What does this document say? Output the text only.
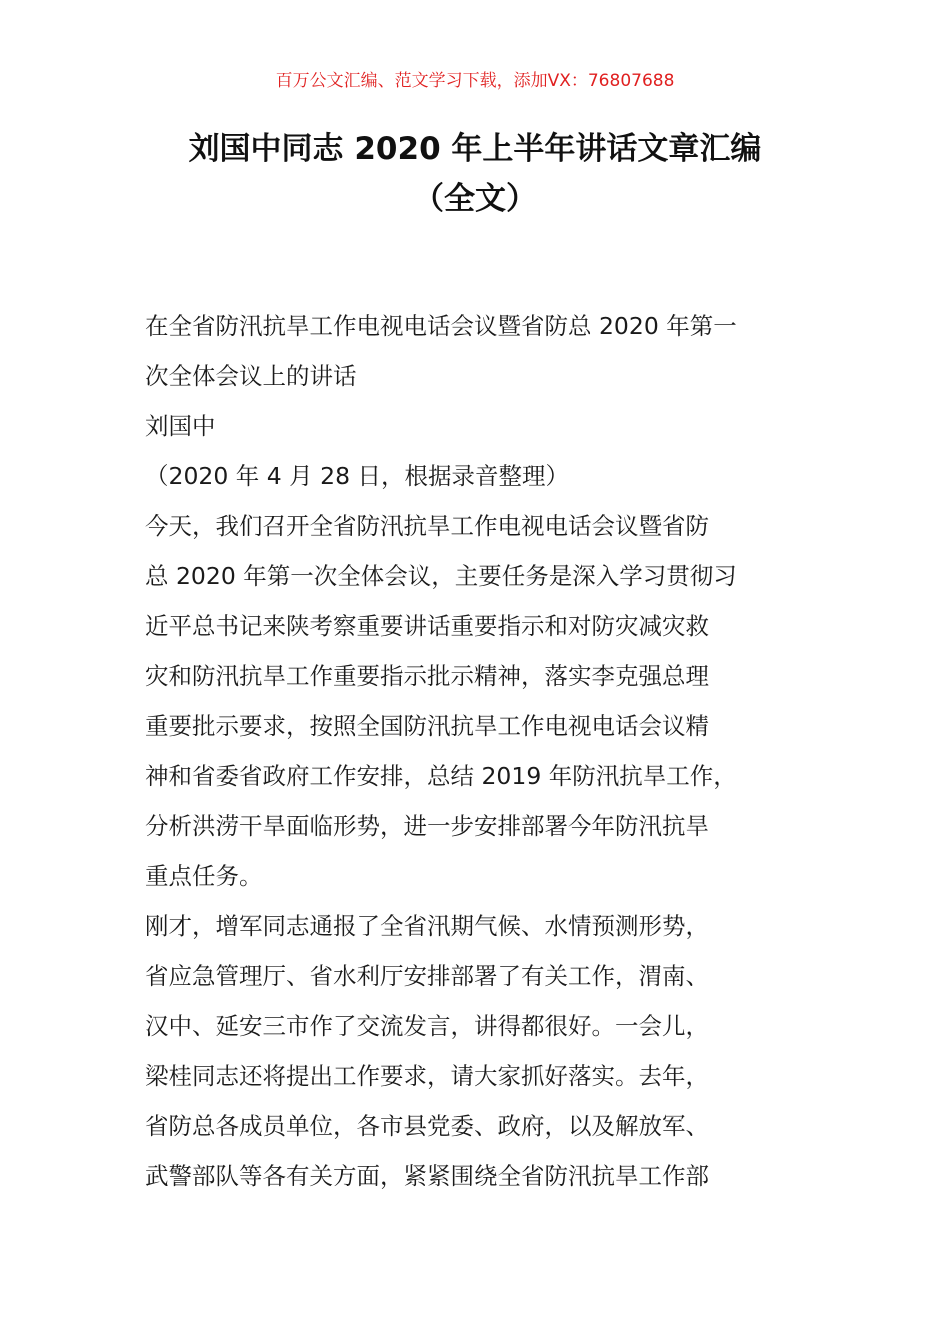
百万公文汇编、范文学习下载，添加VX：76807688
刘国中同志 2020 年上半年讲话文章汇编
（全文）
在全省防汛抗旱工作电视电话会议暨省防总 2020 年第一
次全体会议上的讲话
刘国中
（2020 年 4 月 28 日，根据录音整理）
今天，我们召开全省防汛抗旱工作电视电话会议暨省防
总 2020 年第一次全体会议，主要任务是深入学习贯彻习
近平总书记来陕考察重要讲话重要指示和对防灾减灾救
灾和防汛抗旱工作重要指示批示精神，落实李克强总理
重要批示要求，按照全国防汛抗旱工作电视电话会议精
神和省委省政府工作安排，总结 2019 年防汛抗旱工作，
分析洪涝干旱面临形势，进一步安排部署今年防汛抗旱
重点任务。
刚才，增军同志通报了全省汛期气候、水情预测形势，
省应急管理厅、省水利厅安排部署了有关工作，渭南、
汉中、延安三市作了交流发言，讲得都很好。一会儿，
梁桂同志还将提出工作要求，请大家抓好落实。去年，
省防总各成员单位，各市县党委、政府，以及解放军、
武警部队等各有关方面，紧紧围绕全省防汛抗旱工作部
